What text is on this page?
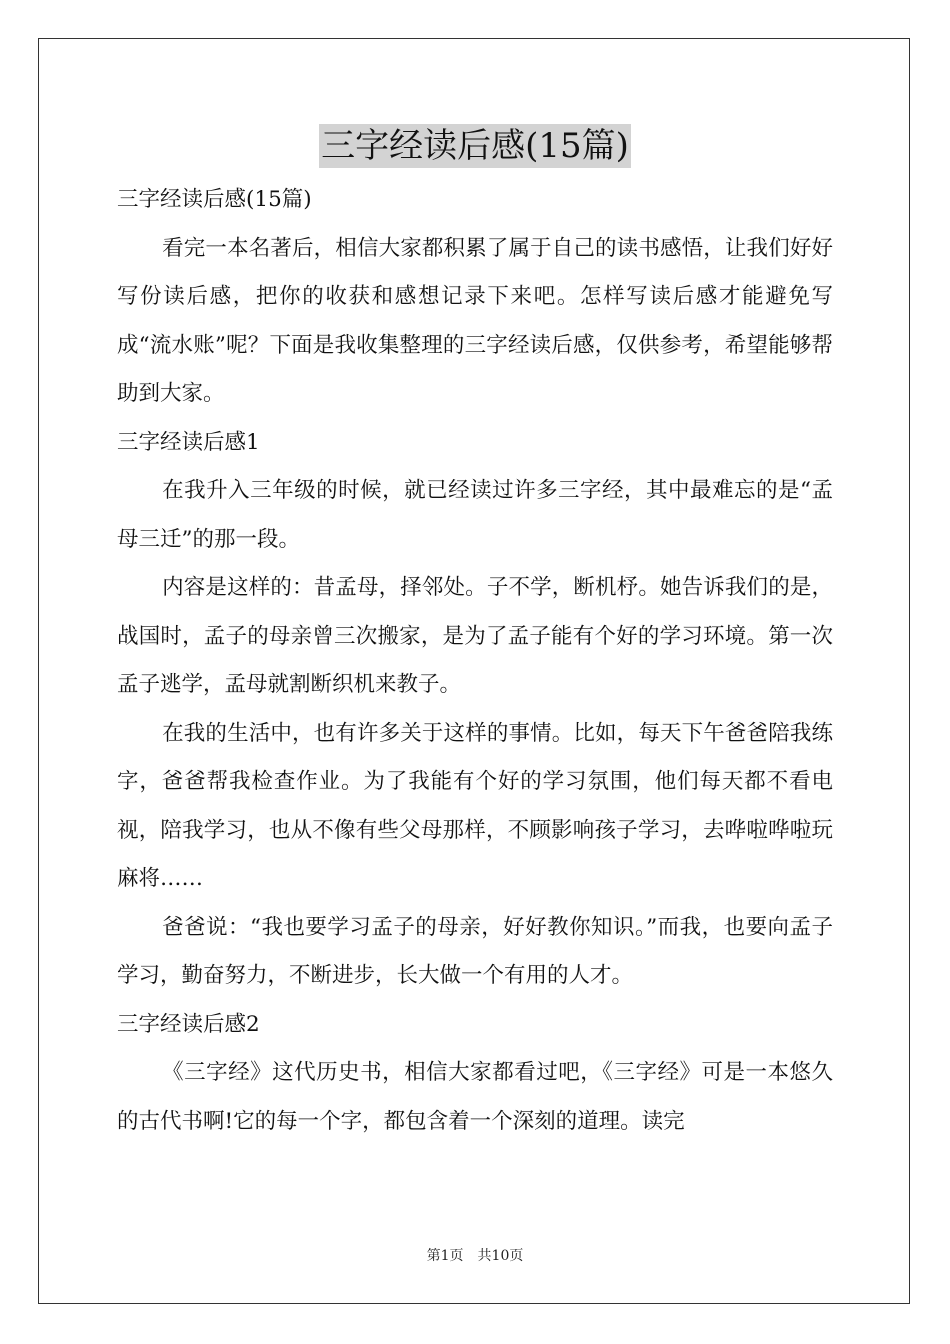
三字经读后感(15篇)

三字经读后感(15篇)

看完一本名著后，相信大家都积累了属于自己的读书感悟，让我们好好写份读后感，把你的收获和感想记录下来吧。怎样写读后感才能避免写成“流水账”呢？下面是我收集整理的三字经读后感，仅供参考，希望能够帮助到大家。

三字经读后感1

在我升入三年级的时候，就已经读过许多三字经，其中最难忘的是“孟母三迁”的那一段。

内容是这样的：昔孟母，择邻处。子不学，断机杼。她告诉我们的是，战国时，孟子的母亲曾三次搬家，是为了孟子能有个好的学习环境。第一次孟子逃学，孟母就割断织机来教子。

在我的生活中，也有许多关于这样的事情。比如，每天下午爸爸陪我练字，爸爸帮我检查作业。为了我能有个好的学习氛围，他们每天都不看电视，陪我学习，也从不像有些父母那样，不顾影响孩子学习，去哗啦哗啦玩麻将……

爸爸说：“我也要学习孟子的母亲，好好教你知识。”而我，也要向孟子学习，勤奋努力，不断进步，长大做一个有用的人才。

三字经读后感2

《三字经》这代历史书，相信大家都看过吧，《三字经》可是一本悠久的古代书啊!它的每一个字，都包含着一个深刻的道理。读完

第1页 共10页
